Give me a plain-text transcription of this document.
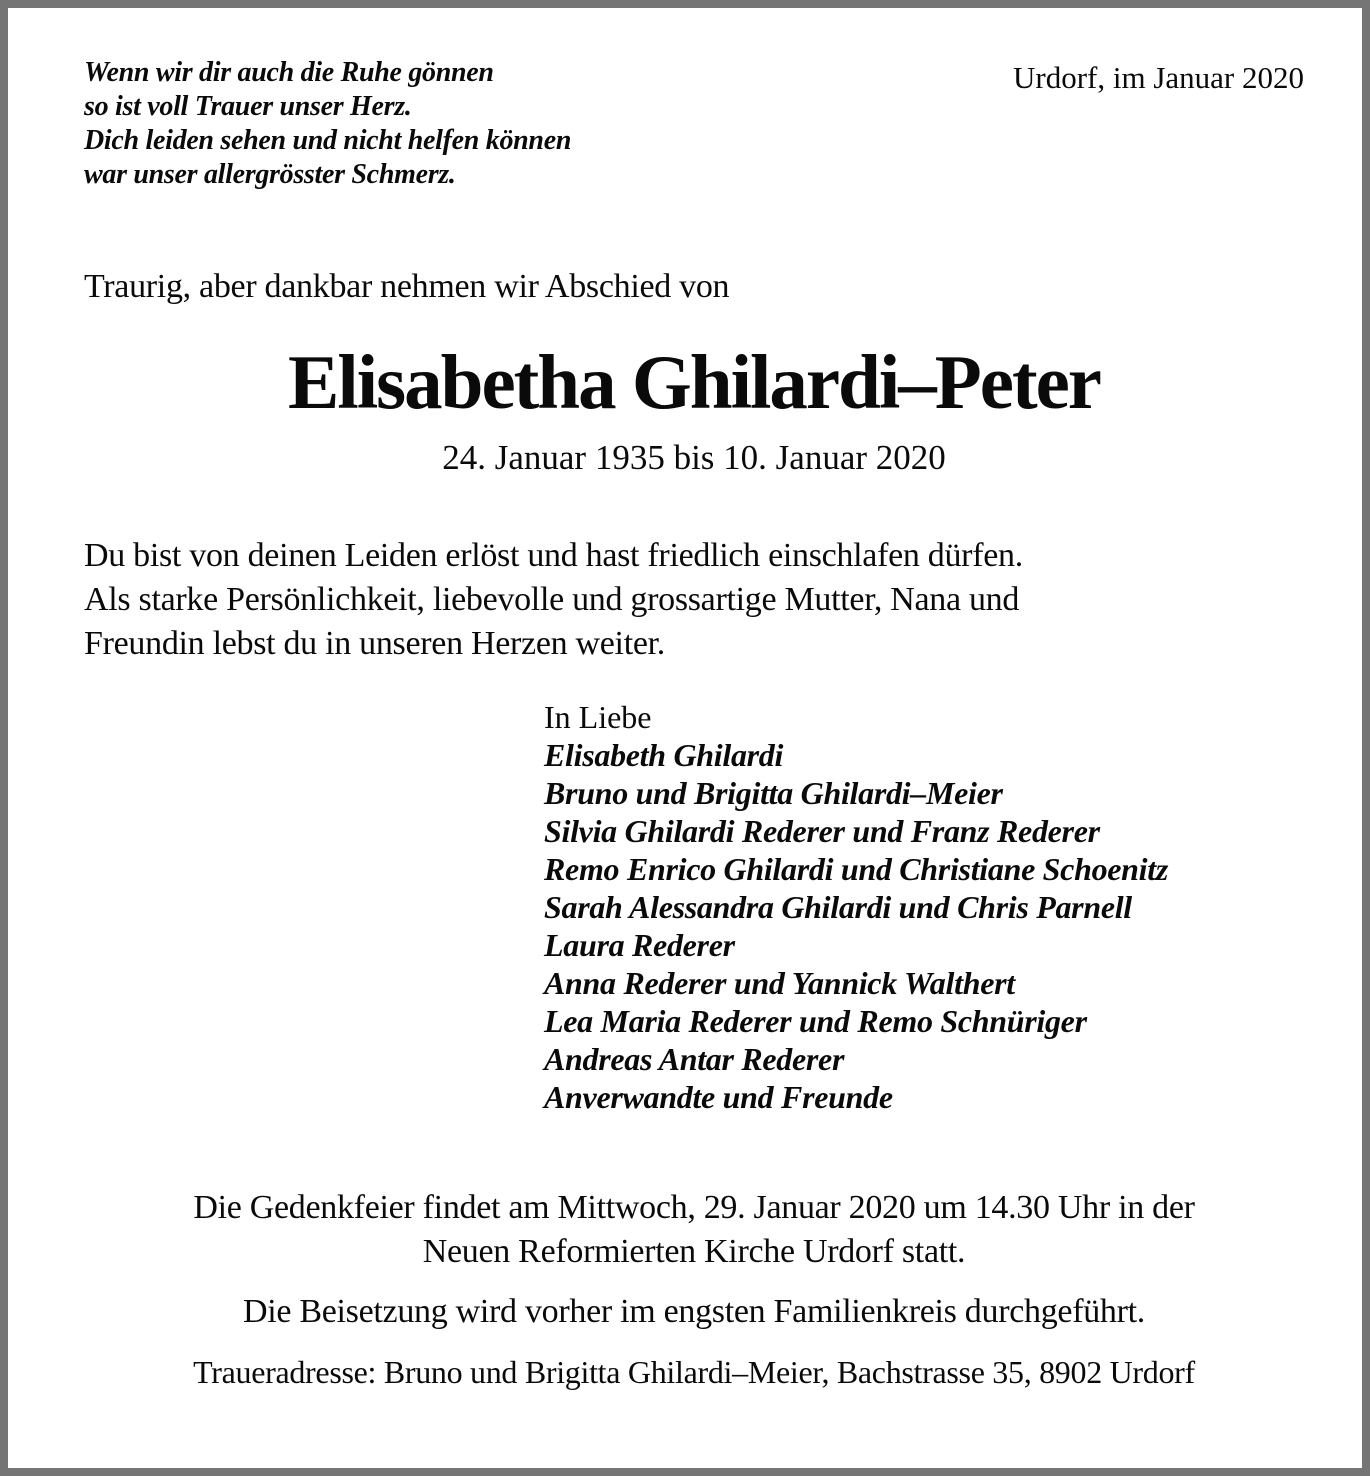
Wenn wir dir auch die Ruhe gönnen
so ist voll Trauer unser Herz.
Dich leiden sehen und nicht helfen können
war unser allergrösster Schmerz.
Urdorf, im Januar 2020

Traurig, aber dankbar nehmen wir Abschied von

Elisabetha Ghilardi–Peter
24. Januar 1935 bis 10. Januar 2020
Du bist von deinen Leiden erlöst und hast friedlich einschlafen dürfen.
Als starke Persönlichkeit, liebevolle und grossartige Mutter, Nana und
Freundin lebst du in unseren Herzen weiter.
In Liebe
Elisabeth Ghilardi
Bruno und Brigitta Ghilardi–Meier
Silvia Ghilardi Rederer und Franz Rederer
Remo Enrico Ghilardi und Christiane Schoenitz
Sarah Alessandra Ghilardi und Chris Parnell
Laura Rederer
Anna Rederer und Yannick Walthert
Lea Maria Rederer und Remo Schnüriger
Andreas Antar Rederer
Anverwandte und Freunde
Die Gedenkfeier findet am Mittwoch, 29. Januar 2020 um 14.30 Uhr in der
Neuen Reformierten Kirche Urdorf statt.
Die Beisetzung wird vorher im engsten Familienkreis durchgeführt.
Traueradresse: Bruno und Brigitta Ghilardi–Meier, Bachstrasse 35, 8902 Urdorf
